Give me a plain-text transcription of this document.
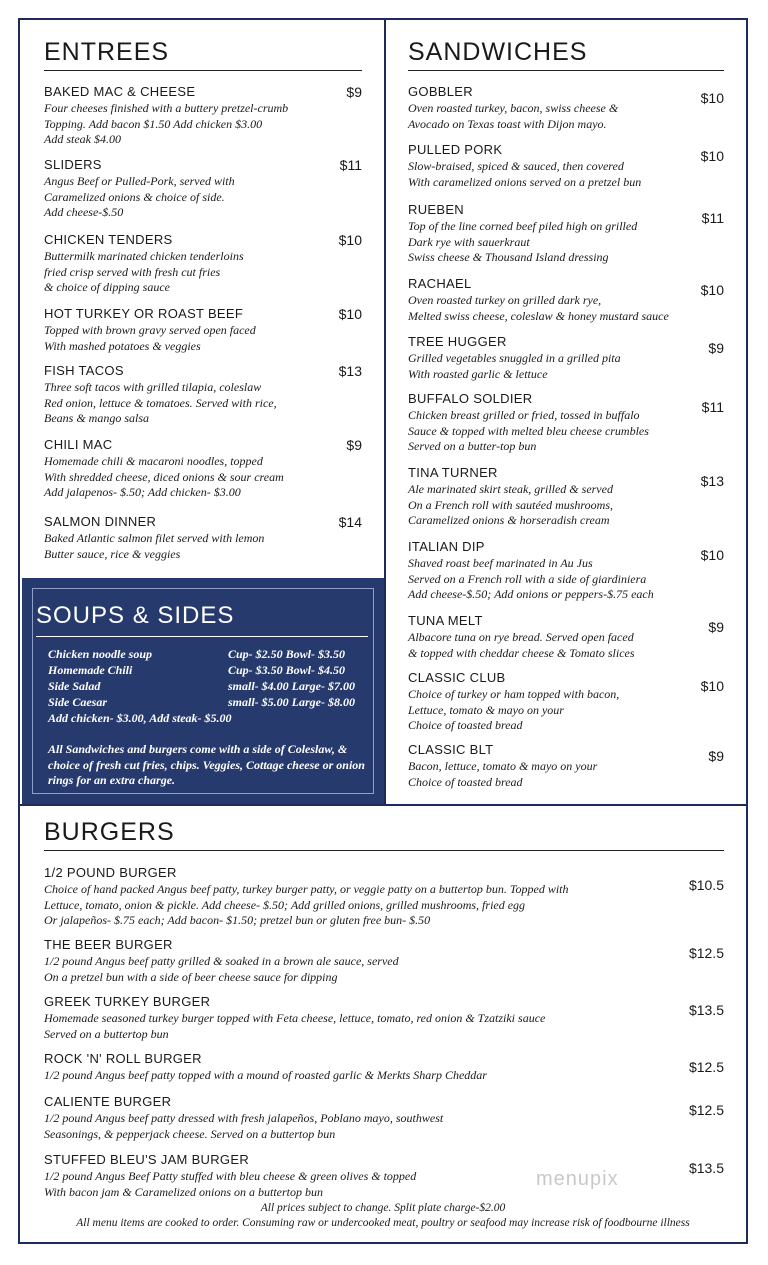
ENTREES
BAKED MAC & CHEESE
Four cheeses finished with a buttery pretzel-crumb
Topping. Add bacon $1.50 Add chicken $3.00
Add steak $4.00
$9
SLIDERS
Angus Beef or Pulled-Pork, served with
Caramelized onions & choice of side.
Add cheese-$.50
$11
CHICKEN TENDERS
Buttermilk marinated chicken tenderloins
fried crisp served with fresh cut fries
& choice of dipping sauce
$10
HOT TURKEY OR ROAST BEEF
Topped with brown gravy served open faced
With mashed potatoes & veggies
$10
FISH TACOS
Three soft tacos with grilled tilapia, coleslaw
Red onion, lettuce & tomatoes. Served with rice,
Beans & mango salsa
$13
CHILI MAC
Homemade chili & macaroni noodles, topped
With shredded cheese, diced onions & sour cream
Add jalapenos- $.50; Add chicken- $3.00
$9
SALMON DINNER
Baked Atlantic salmon filet served with lemon
Butter sauce, rice & veggies
$14
SOUPS & SIDES
Chicken noodle soup	Cup- $2.50 Bowl- $3.50
Homemade Chili	Cup- $3.50 Bowl- $4.50
Side Salad	small- $4.00 Large- $7.00
Side Caesar	small- $5.00 Large- $8.00
Add chicken- $3.00, Add steak- $5.00
All Sandwiches and burgers come with a side of Coleslaw, & choice of fresh cut fries, chips. Veggies, Cottage cheese or onion rings for an extra charge.
SANDWICHES
GOBBLER
Oven roasted turkey, bacon, swiss cheese &
Avocado on Texas toast with Dijon mayo.
$10
PULLED PORK
Slow-braised, spiced & sauced, then covered
With caramelized onions served on a pretzel bun
$10
RUEBEN
Top of the line corned beef piled high on grilled
Dark rye with sauerkraut
Swiss cheese & Thousand Island dressing
$11
RACHAEL
Oven roasted turkey on grilled dark rye,
Melted swiss cheese, coleslaw & honey mustard sauce
$10
TREE HUGGER
Grilled vegetables snuggled in a grilled pita
With roasted garlic & lettuce
$9
BUFFALO SOLDIER
Chicken breast grilled or fried, tossed in buffalo
Sauce & topped with melted bleu cheese crumbles
Served on a butter-top bun
$11
TINA TURNER
Ale marinated skirt steak, grilled & served
On a French roll with sautéed mushrooms,
Caramelized onions & horseradish cream
$13
ITALIAN DIP
Shaved roast beef marinated in Au Jus
Served on a French roll with a side of giardiniera
Add cheese-$.50; Add onions or peppers-$.75 each
$10
TUNA MELT
Albacore tuna on rye bread. Served open faced
& topped with cheddar cheese & Tomato slices
$9
CLASSIC CLUB
Choice of turkey or ham topped with bacon,
Lettuce, tomato & mayo on your
Choice of toasted bread
$10
CLASSIC BLT
Bacon, lettuce, tomato & mayo on your
Choice of toasted bread
$9
BURGERS
1/2 POUND BURGER
Choice of hand packed Angus beef patty, turkey burger patty, or veggie patty on a buttertop bun. Topped with
Lettuce, tomato, onion & pickle. Add cheese- $.50; Add grilled onions, grilled mushrooms, fried egg
Or jalapeños- $.75 each; Add bacon- $1.50; pretzel bun or gluten free bun- $.50
$10.5
THE BEER BURGER
1/2 pound Angus beef patty grilled & soaked in a brown ale sauce, served
On a pretzel bun with a side of beer cheese sauce for dipping
$12.5
GREEK TURKEY BURGER
Homemade seasoned turkey burger topped with Feta cheese, lettuce, tomato, red onion & Tzatziki sauce
Served on a buttertop bun
$13.5
ROCK 'N' ROLL BURGER
1/2 pound Angus beef patty topped with a mound of roasted garlic & Merkts Sharp Cheddar	$12.5
CALIENTE BURGER
1/2 pound Angus beef patty dressed with fresh jalapeños, Poblano mayo, southwest
Seasonings, & pepperjack cheese. Served on a buttertop bun
$12.5
STUFFED BLEU'S JAM BURGER
1/2 pound Angus Beef Patty stuffed with bleu cheese & green olives & topped
With bacon jam & Caramelized onions on a buttertop bun
$13.5
All prices subject to change. Split plate charge-$2.00
All menu items are cooked to order. Consuming raw or undercooked meat, poultry or seafood may increase risk of foodbourne illness
menupix
